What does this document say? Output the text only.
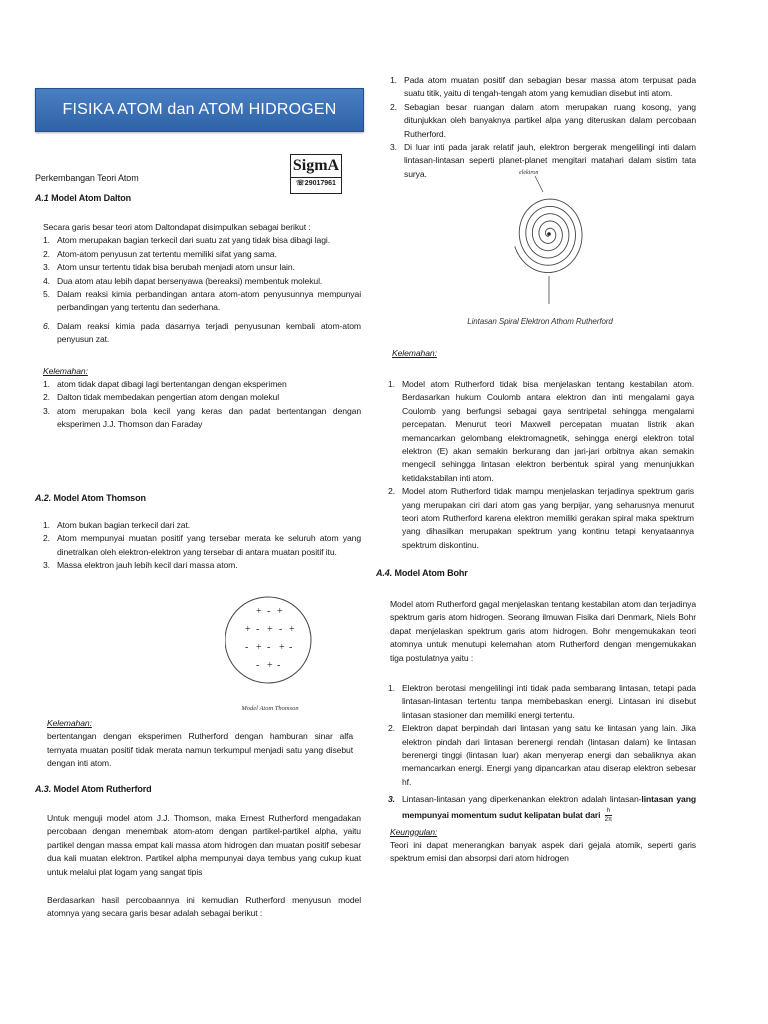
FISIKA ATOM dan ATOM HIDROGEN
SigmA
☏29017961
Perkembangan Teori Atom
A.1 Model Atom Dalton

Secara garis besar teori atom Daltondapat disimpulkan sebagai berikut :

1. Atom merupakan bagian terkecil dari suatu zat yang tidak bisa dibagi lagi.
2. Atom-atom penyusun zat tertentu memiliki sifat yang sama.
3. Atom unsur tertentu tidak bisa berubah menjadi atom unsur lain.
4. Dua atom atau lebih dapat bersenyawa (bereaksi) membentuk molekul.
5. Dalam reaksi kimia perbandingan antara atom-atom penyusunnya mempunyai perbandingan yang tertentu dan sederhana.
6. Dalam reaksi kimia pada dasarnya terjadi penyusunan kembali atom-atom penyusun zat.
Kelemahan:
1. atom tidak dapat dibagi lagi bertentangan dengan eksperimen
2. Dalton tidak membedakan pengertian atom dengan molekul
3. atom merupakan bola kecil yang keras dan padat bertentangan dengan eksperimen J.J. Thomson dan Faraday
A.2. Model Atom Thomson
1. Atom bukan bagian terkecil dari zat.
2. Atom mempunyai muatan positif yang tersebar merata ke seluruh atom yang dinetralkan oleh elektron-elektron yang tersebar di antara muatan positif itu.
3. Massa elektron jauh lebih kecil dari massa atom.
+ - +
+ - + - +
- + - + -
- + -
Model Atom Thomson
Kelemahan:

bertentangan dengan eksperimen Rutherford dengan hamburan sinar alfa ternyata muatan positif tidak merata namun terkumpul menjadi satu yang disebut dengan inti atom.

A.3. Model Atom Rutherford

Untuk menguji model atom J.J. Thomson, maka Ernest Rutherford mengadakan percobaan dengan menembak atom-atom dengan partikel-partikel alpha, yaitu partikel dengan massa empat kali massa atom hidrogen dan muatan positif sebesar dua kali muatan elektron. Partikel alpha mempunyai daya tembus yang cukup kuat untuk melalui plat logam yang sangat tipis

Berdasarkan hasil percobaannya ini kemudian Rutherford menyusun model atomnya yang secara garis besar adalah sebagai berikut :

1. Pada atom muatan positif dan sebagian besar massa atom terpusat pada suatu titik, yaitu di tengah-tengah atom yang kemudian disebut inti atom.
2. Sebagian besar ruangan dalam atom merupakan ruang kosong, yang ditunjukkan oleh banyaknya partikel alpa yang diteruskan dalam percobaan Rutherford.
3. Di luar inti pada jarak relatif jauh, elektron bergerak mengelilingi inti dalam lintasan-lintasan seperti planet-planet mengitari matahari dalam sistim tata surya.	elektron
Lintasan Spiral Elektron Athom Rutherford
Kelemahan:
1. Model atom Rutherford tidak bisa menjelaskan tentang kestabilan atom. Berdasarkan hukum Coulomb antara elektron dan inti mengalami gaya Coulomb yang berfungsi sebagai gaya sentripetal sehingga mengalami percepatan. Menurut teori Maxwell percepatan muatan listrik akan memancarkan gelombang elektromagnetik, sehingga energi elektron total elektron (E) akan semakin berkurang dan jari-jari orbitnya akan semakin mengecil sehingga lintasan elektron berbentuk spiral yang menunjukkan ketidakstabilan inti atom.
2. Model atom Rutherford tidak mampu menjelaskan terjadinya spektrum garis yang merupakan ciri dari atom gas yang berpijar, yang seharusnya menurut teori atom Rutherford karena elektron memiliki gerakan spiral maka spektrum yang dihasilkan merupakan spektrum yang kontinu tetapi kenyataannya spektrum diskontinu.
A.4. Model Atom Bohr

Model atom Rutherford gagal menjelaskan tentang kestabilan atom dan terjadinya spektrum garis atom hidrogen. Seorang ilmuwan Fisika dari Denmark, Niels Bohr dapat menjelaskan spektrum garis atom hidrogen. Bohr mengemukakan teori atomnya untuk menutupi kelemahan atom Rutherford dengan mengemukakan tiga postulatnya yaitu :

1. Elektron berotasi mengelilingi inti tidak pada sembarang lintasan, tetapi pada lintasan-lintasan tertentu tanpa membebaskan energi. Lintasan ini disebut lintasan stasioner dan memiliki energi tertentu.
2. Elektron dapat berpindah dari lintasan yang satu ke lintasan yang lain. Jika elektron pindah dari lintasan berenergi rendah (lintasan dalam) ke lintasan berenergi tinggi (lintasan luar) akan menyerap energi dan sebaliknya akan memancarkan energi. Energi yang dipancarkan atau diserap elektron sebesar hf.
3. Lintasan-lintasan yang diperkenankan elektron adalah lintasan-lintasan yang mempunyai momentum sudut kelipatan bulat dari $\frac{h}{2\pi}$
Keunggulan:

Teori ini dapat menerangkan banyak aspek dari gejala atomik, seperti garis spektrum emisi dan absorpsi dari atom hidrogen
